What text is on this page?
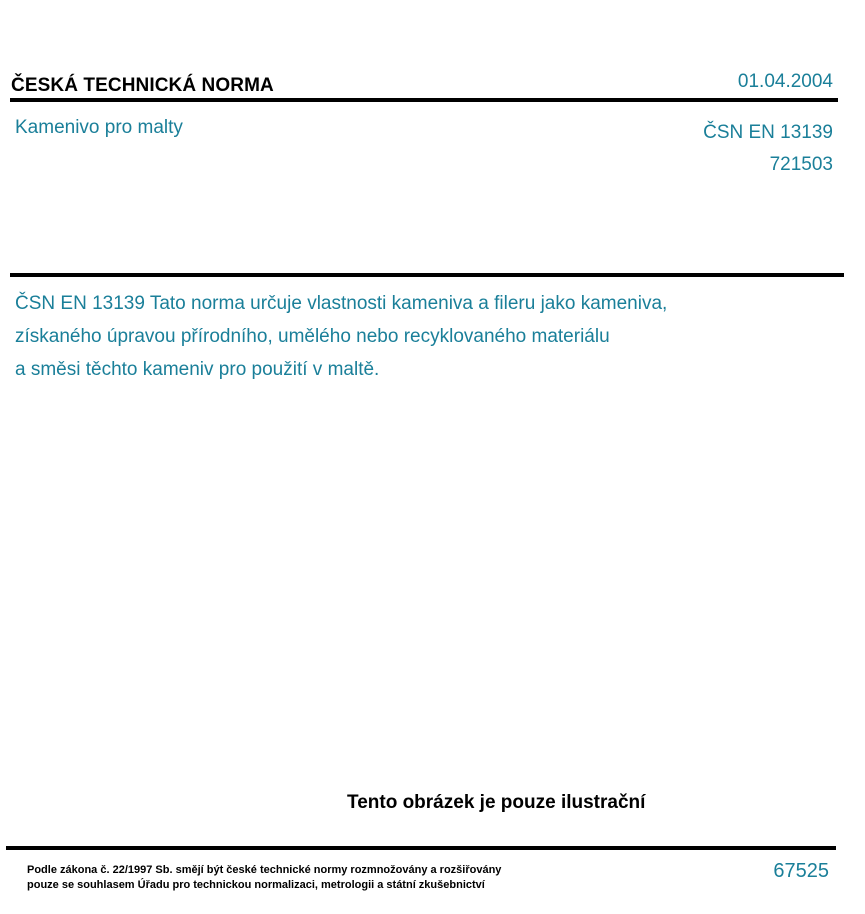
ČESKÁ TECHNICKÁ NORMA	01.04.2004
Kamenivo pro malty	ČSN EN 13139
721503
ČSN EN 13139 Tato norma určuje vlastnosti kameniva a fileru jako kameniva,
získaného úpravou přírodního, umělého nebo recyklovaného materiálu
a směsi těchto kameniv pro použití v maltě.
Tento obrázek je pouze ilustrační
Podle zákona č. 22/1997 Sb. smějí být české technické normy rozmnožovány a rozšiřovány
pouze se souhlasem Úřadu pro technickou normalizaci, metrologii a státní zkušebnictví
67525
